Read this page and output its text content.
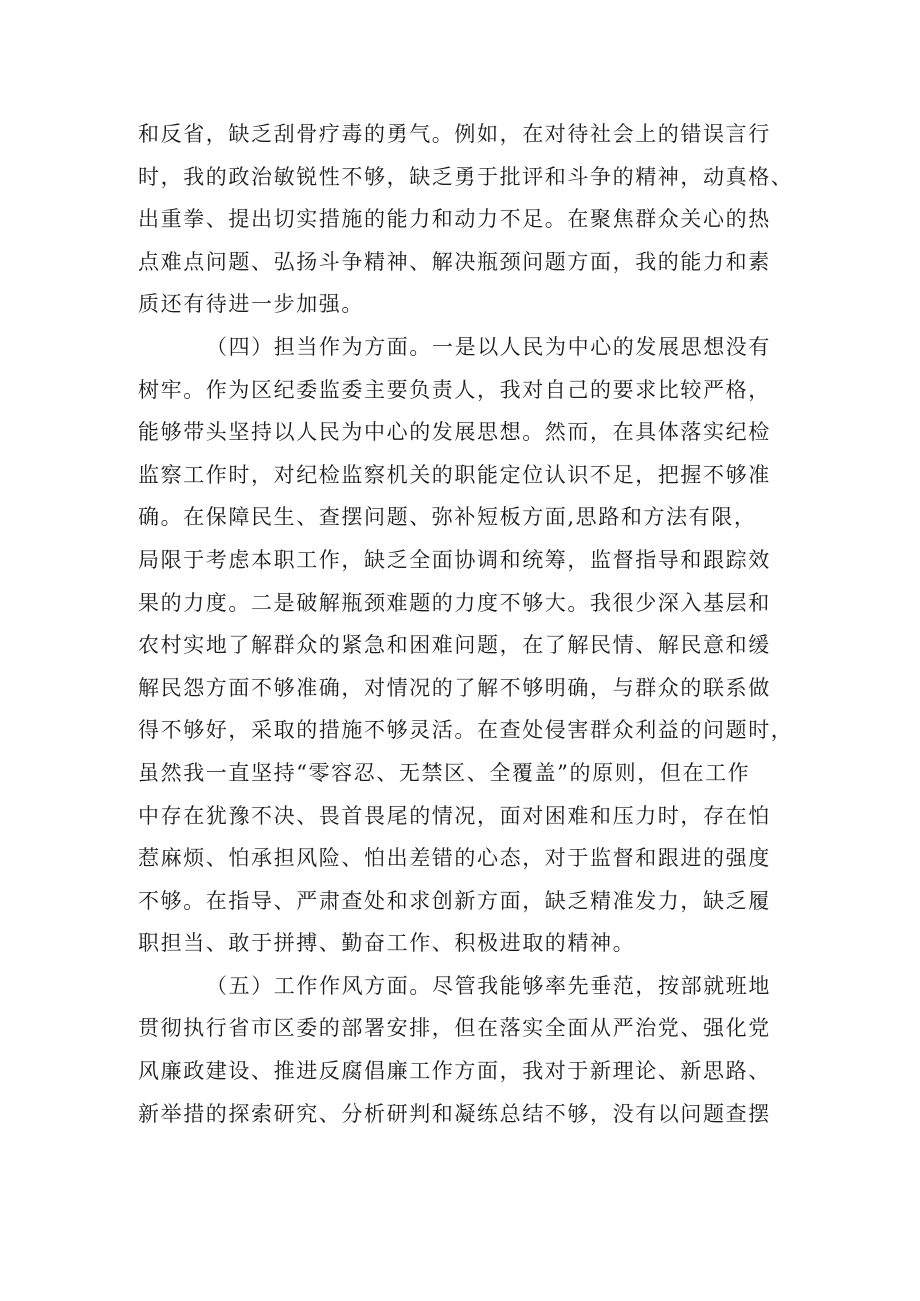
和反省，缺乏刮骨疗毒的勇气。例如，在对待社会上的错误言行
时，我的政治敏锐性不够，缺乏勇于批评和斗争的精神，动真格、
出重拳、提出切实措施的能力和动力不足。在聚焦群众关心的热
点难点问题、弘扬斗争精神、解决瓶颈问题方面，我的能力和素
质还有待进一步加强。
（四）担当作为方面。一是以人民为中心的发展思想没有
树牢。作为区纪委监委主要负责人，我对自己的要求比较严格，
能够带头坚持以人民为中心的发展思想。然而，在具体落实纪检
监察工作时，对纪检监察机关的职能定位认识不足，把握不够准
确。在保障民生、查摆问题、弥补短板方面,思路和方法有限，
局限于考虑本职工作，缺乏全面协调和统筹，监督指导和跟踪效
果的力度。二是破解瓶颈难题的力度不够大。我很少深入基层和
农村实地了解群众的紧急和困难问题，在了解民情、解民意和缓
解民怨方面不够准确，对情况的了解不够明确，与群众的联系做
得不够好，采取的措施不够灵活。在查处侵害群众利益的问题时，
虽然我一直坚持“零容忍、无禁区、全覆盖”的原则，但在工作
中存在犹豫不决、畏首畏尾的情况，面对困难和压力时，存在怕
惹麻烦、怕承担风险、怕出差错的心态，对于监督和跟进的强度
不够。在指导、严肃查处和求创新方面，缺乏精准发力，缺乏履
职担当、敢于拼搏、勤奋工作、积极进取的精神。
（五）工作作风方面。尽管我能够率先垂范，按部就班地
贯彻执行省市区委的部署安排，但在落实全面从严治党、强化党
风廉政建设、推进反腐倡廉工作方面，我对于新理论、新思路、
新举措的探索研究、分析研判和凝练总结不够，没有以问题查摆
